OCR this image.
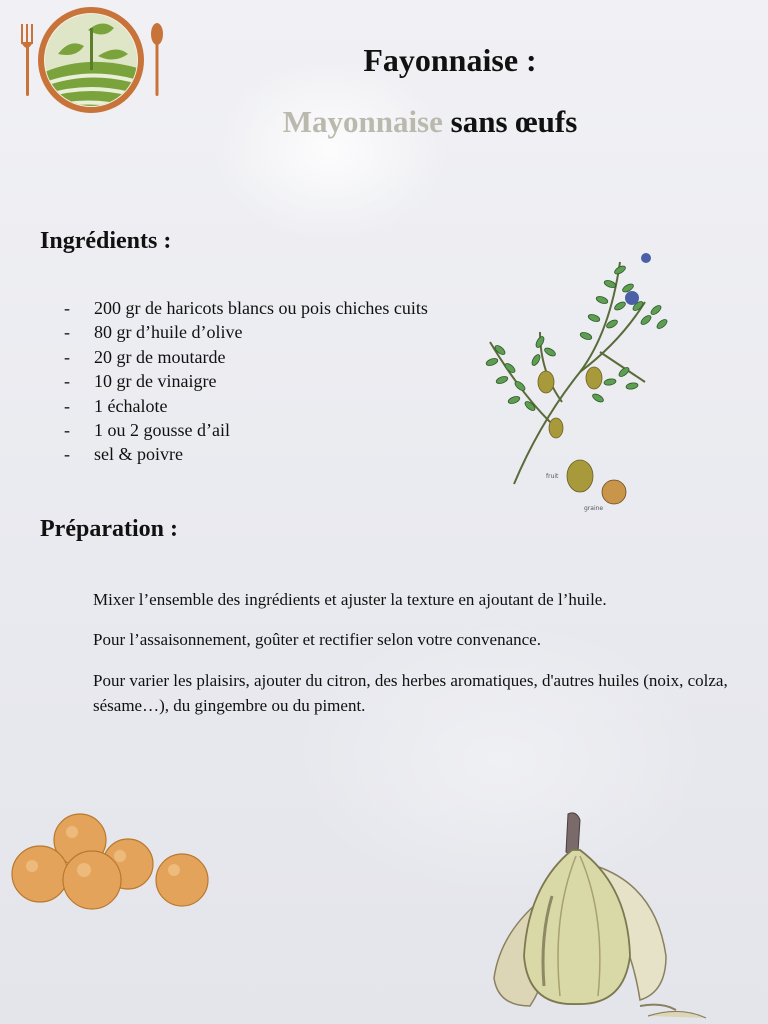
Fayonnaise :
Mayonnaise sans œufs
Ingrédients :
- 200 gr de haricots blancs ou pois chiches cuits
- 80 gr d’huile d’olive
- 20 gr de moutarde
- 10 gr de vinaigre
- 1 échalote
- 1 ou 2 gousse d’ail
- sel & poivre
fruit
graine

Mixer l’ensemble des ingrédients et ajuster la texture en ajoutant de l’huile.

Pour l’assaisonnement, goûter et rectifier selon votre convenance.

Pour varier les plaisirs, ajouter du citron, des herbes aromatiques, d'autres huiles (noix, colza, sésame…), du gingembre ou du piment.

Préparation :
